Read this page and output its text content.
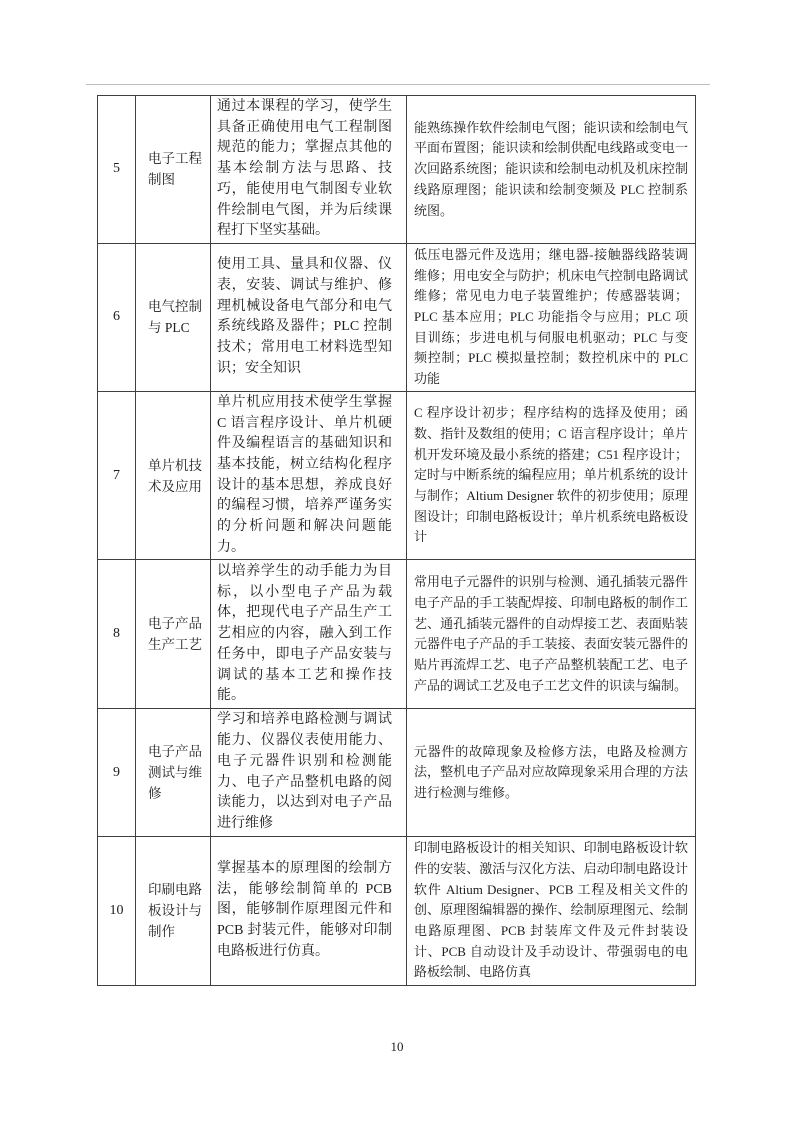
5	电子工程制图	通过本课程的学习，使学生具备正确使用电气工程制图规范的能力；掌握点其他的基本绘制方法与思路、技巧，能使用电气制图专业软件绘制电气图，并为后续课程打下坚实基础。	能熟练操作软件绘制电气图；能识读和绘制电气平面布置图；能识读和绘制供配电线路或变电一次回路系统图；能识读和绘制电动机及机床控制线路原理图；能识读和绘制变频及 PLC 控制系统图。
6	电气控制与 PLC	使用工具、量具和仪器、仪表，安装、调试与维护、修理机械设备电气部分和电气系统线路及器件；PLC 控制技术；常用电工材料选型知识；安全知识	低压电器元件及选用；继电器-接触器线路装调维修；用电安全与防护；机床电气控制电路调试维修；常见电力电子装置维护；传感器装调；PLC 基本应用；PLC 功能指令与应用；PLC 项目训练；步进电机与伺服电机驱动；PLC 与变频控制；PLC 模拟量控制；数控机床中的 PLC 功能
7	单片机技术及应用	单片机应用技术使学生掌握 C 语言程序设计、单片机硬件及编程语言的基础知识和基本技能，树立结构化程序设计的基本思想，养成良好的编程习惯，培养严谨务实的分析问题和解决问题能力。	C 程序设计初步；程序结构的选择及使用；函数、指针及数组的使用；C 语言程序设计；单片机开发环境及最小系统的搭建；C51 程序设计；定时与中断系统的编程应用；单片机系统的设计与制作；Altium Designer 软件的初步使用；原理图设计；印制电路板设计；单片机系统电路板设计
8	电子产品生产工艺	以培养学生的动手能力为目标，以小型电子产品为载体，把现代电子产品生产工艺相应的内容，融入到工作任务中，即电子产品安装与调试的基本工艺和操作技能。	常用电子元器件的识别与检测、通孔插装元器件电子产品的手工装配焊接、印制电路板的制作工艺、通孔插装元器件的自动焊接工艺、表面贴装元器件电子产品的手工装接、表面安装元器件的贴片再流焊工艺、电子产品整机装配工艺、电子产品的调试工艺及电子工艺文件的识读与编制。
9	电子产品测试与维修	学习和培养电路检测与调试能力、仪器仪表使用能力、电子元器件识别和检测能力、电子产品整机电路的阅读能力，以达到对电子产品进行维修	元器件的故障现象及检修方法，电路及检测方法，整机电子产品对应故障现象采用合理的方法进行检测与维修。
10	印刷电路板设计与制作	掌握基本的原理图的绘制方法，能够绘制简单的 PCB 图，能够制作原理图元件和 PCB 封装元件，能够对印制电路板进行仿真。	印制电路板设计的相关知识、印制电路板设计软件的安装、激活与汉化方法、启动印制电路设计软件 Altium Designer、PCB 工程及相关文件的创、原理图编辑器的操作、绘制原理图元、绘制电路原理图、PCB 封装库文件及元件封装设计、PCB 自动设计及手动设计、带强弱电的电路板绘制、电路仿真
10
